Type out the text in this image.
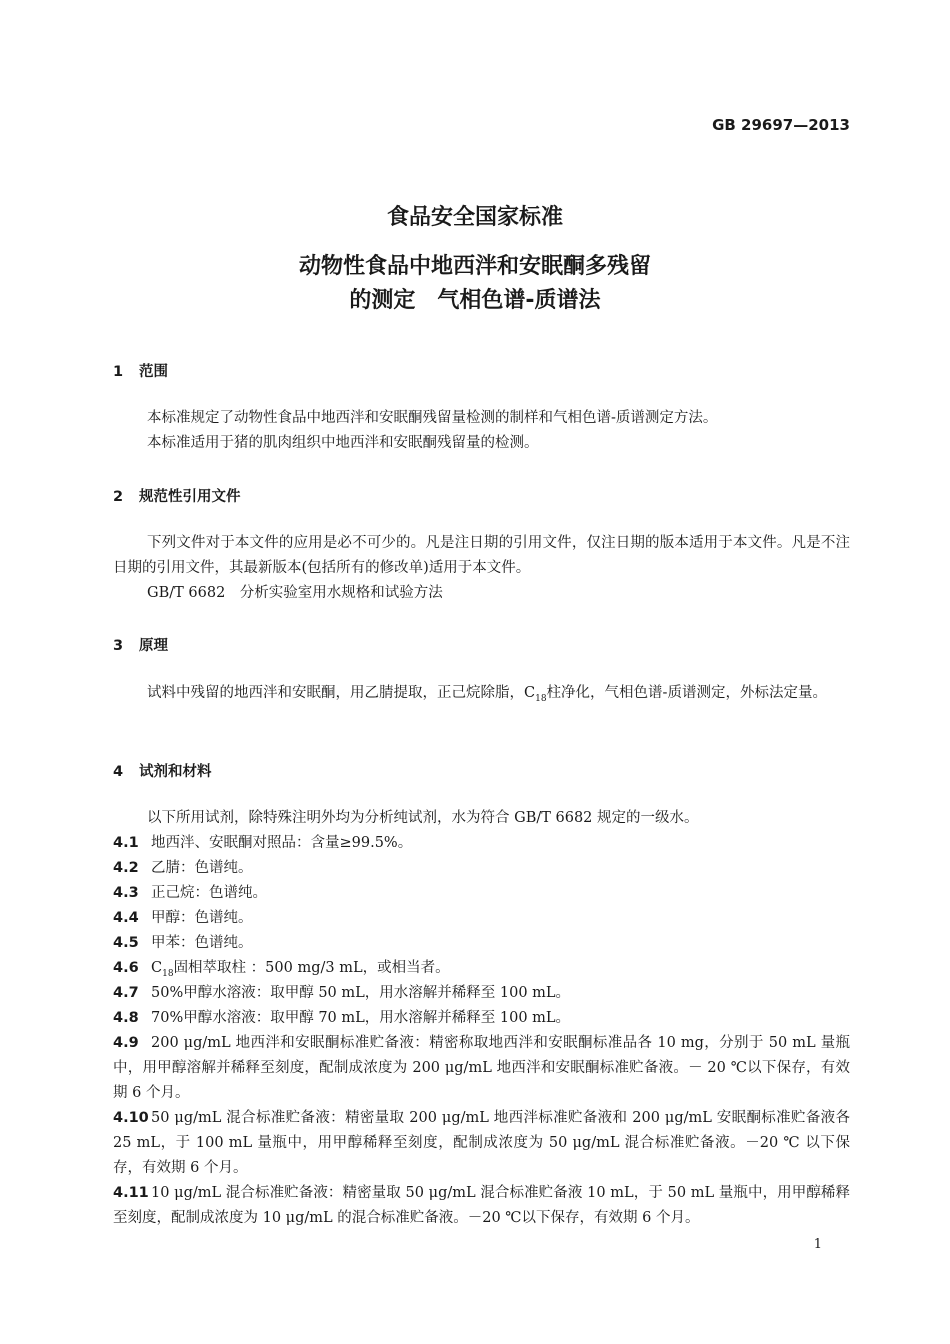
GB 29697—2013
食品安全国家标准
动物性食品中地西泮和安眠酮多残留
的测定　气相色谱-质谱法
1 范围
本标准规定了动物性食品中地西泮和安眠酮残留量检测的制样和气相色谱-质谱测定方法。
本标准适用于猪的肌肉组织中地西泮和安眠酮残留量的检测。
2 规范性引用文件
下列文件对于本文件的应用是必不可少的。凡是注日期的引用文件，仅注日期的版本适用于本文件。凡是不注日期的引用文件，其最新版本(包括所有的修改单)适用于本文件。
GB/T 6682　分析实验室用水规格和试验方法
3 原理
试料中残留的地西泮和安眠酮，用乙腈提取，正己烷除脂，$C_{18}$柱净化，气相色谱-质谱测定，外标法定量。
4 试剂和材料
以下所用试剂，除特殊注明外均为分析纯试剂，水为符合 GB/T 6682 规定的一级水。
4.1 地西泮、安眠酮对照品：含量≥99.5%。
4.2 乙腈：色谱纯。
4.3 正己烷：色谱纯。
4.4 甲醇：色谱纯。
4.5 甲苯：色谱纯。
4.6 $C_{18}$固相萃取柱 ：500 mg/3 mL，或相当者。
4.7 50%甲醇水溶液：取甲醇 50 mL，用水溶解并稀释至 100 mL。
4.8 70%甲醇水溶液：取甲醇 70 mL，用水溶解并稀释至 100 mL。
4.9 200 μg/mL 地西泮和安眠酮标准贮备液：精密称取地西泮和安眠酮标准品各 10 mg，分别于 50 mL 量瓶中，用甲醇溶解并稀释至刻度，配制成浓度为 200 μg/mL 地西泮和安眠酮标准贮备液。－ 20 ℃以下保存，有效期 6 个月。
4.10 50 μg/mL 混合标准贮备液：精密量取 200 μg/mL 地西泮标准贮备液和 200 μg/mL 安眠酮标准贮备液各 25 mL，于 100 mL 量瓶中，用甲醇稀释至刻度，配制成浓度为 50 μg/mL 混合标准贮备液。－20 ℃ 以下保存，有效期 6 个月。
4.11 10 μg/mL 混合标准贮备液：精密量取 50 μg/mL 混合标准贮备液 10 mL，于 50 mL 量瓶中，用甲醇稀释至刻度，配制成浓度为 10 μg/mL 的混合标准贮备液。－20 ℃以下保存，有效期 6 个月。
1
